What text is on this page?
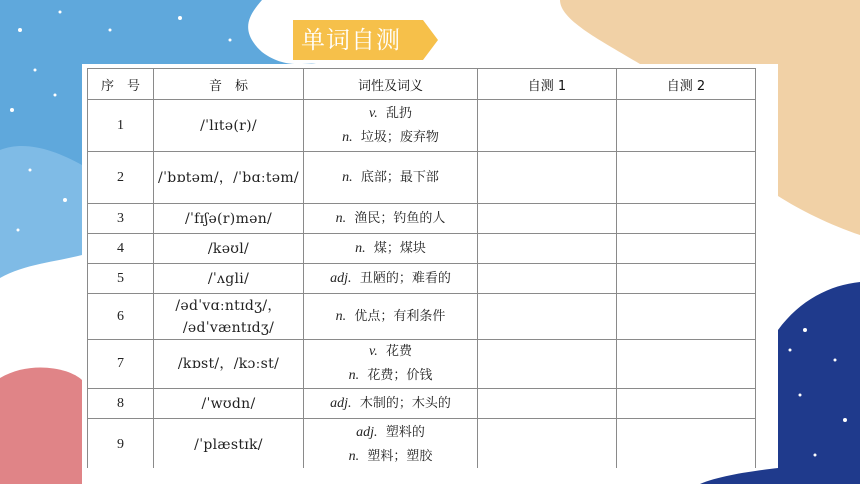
单词自测
序　号	音　标	词性及词义	自测 1	自测 2
1	/ˈlɪtə(r)/	v. 乱扔
n. 垃圾；废弃物		

2	/ˈbɒtəm/，/ˈbɑːtəm/	n. 底部；最下部		

3	/ˈfɪʃə(r)mən/	n. 渔民；钓鱼的人		

4	/kəʊl/	n. 煤；煤块		

5	/ˈʌgli/	adj. 丑陋的；难看的		

6	/ədˈvɑːntɪdʒ/，
/ədˈvæntɪdʒ/	n. 优点；有利条件		

7	/kɒst/，/kɔːst/	v. 花费
n. 花费；价钱		

8	/ˈwʊdn/	adj. 木制的；木头的		

9	/ˈplæstɪk/	adj. 塑料的
n. 塑料；塑胶		
